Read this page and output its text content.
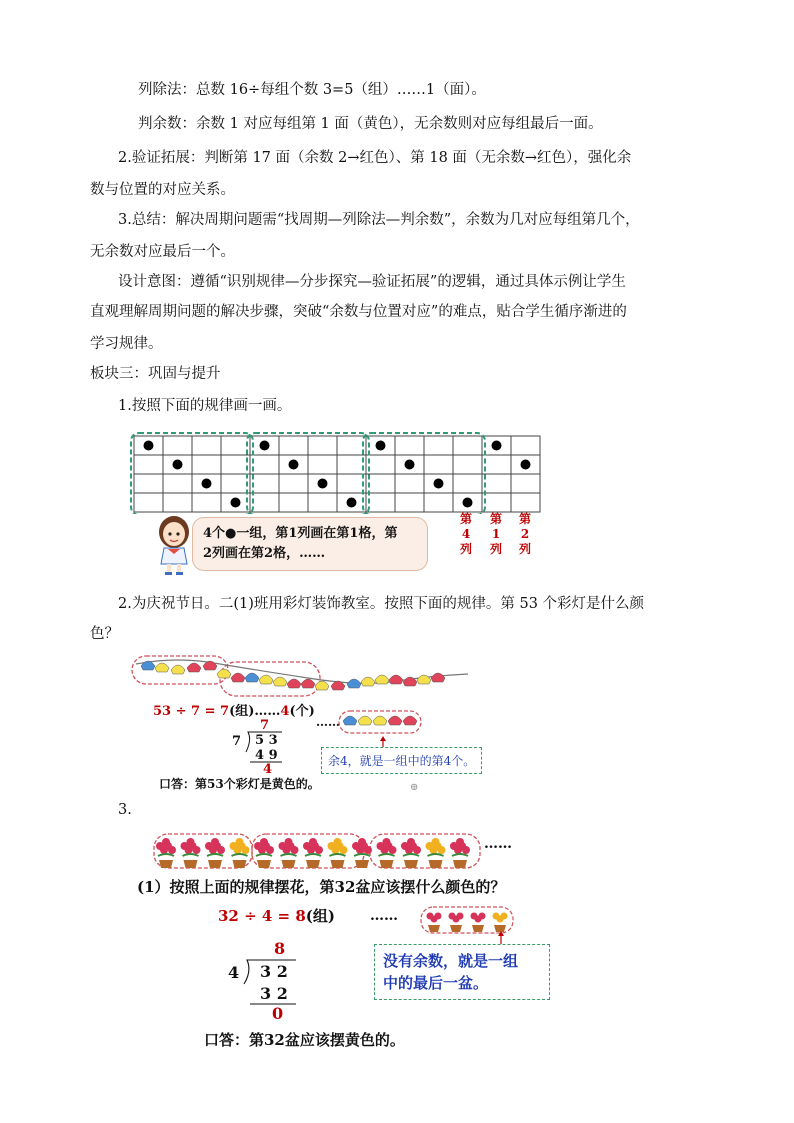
列除法：总数 16÷每组个数 3=5（组）……1（面）。
判余数：余数 1 对应每组第 1 面（黄色），无余数则对应每组最后一面。
2.验证拓展：判断第 17 面（余数 2→红色）、第 18 面（无余数→红色），强化余
数与位置的对应关系。
3.总结：解决周期问题需“找周期—列除法—判余数”，余数为几对应每组第几个，
无余数对应最后一个。
设计意图：遵循“识别规律—分步探究—验证拓展”的逻辑，通过具体示例让学生
直观理解周期问题的解决步骤，突破“余数与位置对应”的难点，贴合学生循序渐进的
学习规律。
板块三：巩固与提升
1.按照下面的规律画一画。
4个●一组，第1列画在第1格，第
2列画在第2格，……
第
4
列
第
1
列
第
2
列
2.为庆祝节日。二(1)班用彩灯装饰教室。按照下面的规律。第 53 个彩灯是什么颜
色？
53 ÷ 7 = 7(组)……4(个)
7
7 5 3
4 9
4
……
余4，就是一组中的第4个。
口答：第53个彩灯是黄色的。	⊕
3.
……
(1）按照上面的规律摆花，第32盆应该摆什么颜色的？
32 ÷ 4 = 8(组)	……
没有余数，就是一组
中的最后一盆。
8
4 3 2
3 2
0
口答：第32盆应该摆黄色的。
